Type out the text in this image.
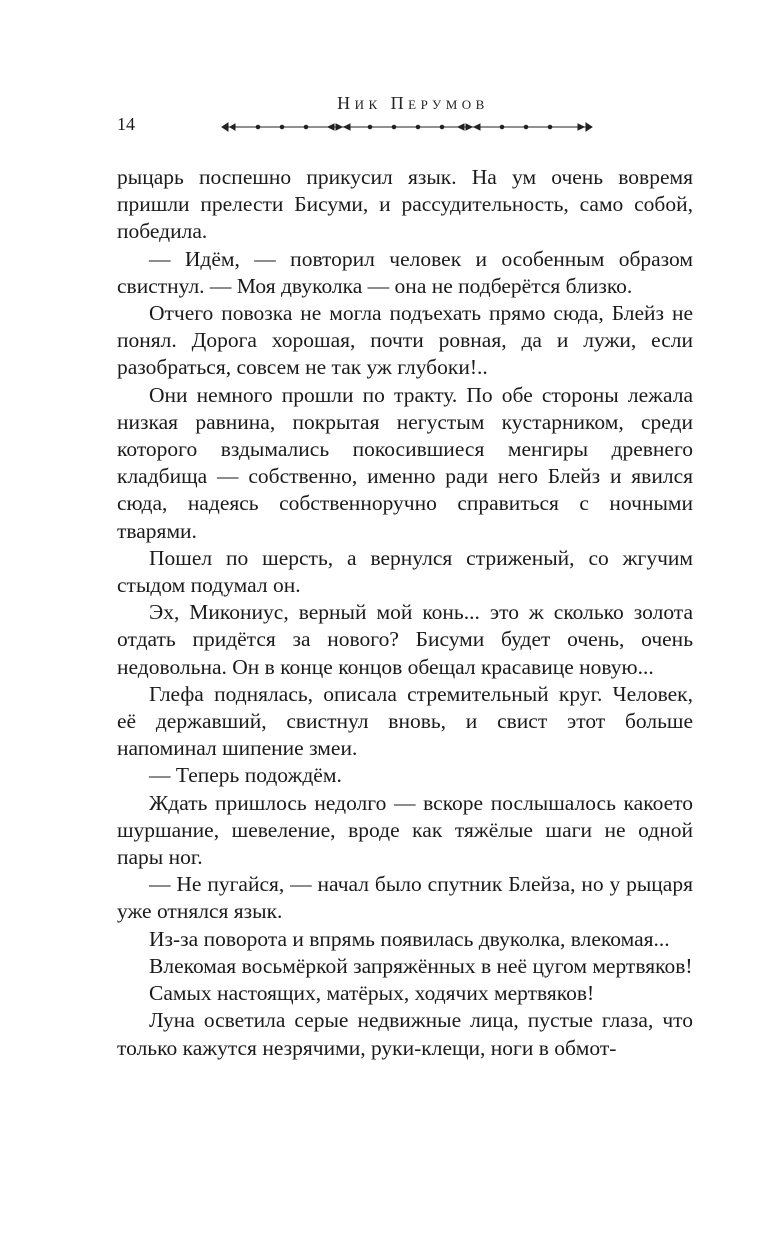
14
Ник Перумов

рыцарь поспешно прикусил язык. На ум очень вовремя пришли прелести Бисуми, и рассудительность, само собой, победила.

— Идём, — повторил человек и особенным образом свистнул. — Моя двуколка — она не подберётся близко.

Отчего повозка не могла подъехать прямо сюда, Блейз не понял. Дорога хорошая, почти ровная, да и лужи, если разобраться, совсем не так уж глубоки!..

Они немного прошли по тракту. По обе стороны лежала низкая равнина, покрытая негустым кустарником, среди которого вздымались покосившиеся менгиры древнего кладбища — собственно, именно ради него Блейз и явился сюда, надеясь собственноручно справиться с ночными тварями.

Пошел по шерсть, а вернулся стриженый, со жгучим стыдом подумал он.

Эх, Микониус, верный мой конь... это ж сколько золота отдать придётся за нового? Бисуми будет очень, очень недовольна. Он в конце концов обещал красавице новую...

Глефа поднялась, описала стремительный круг. Человек, её державший, свистнул вновь, и свист этот больше напоминал шипение змеи.

— Теперь подождём.

Ждать пришлось недолго — вскоре послышалось какоето шуршание, шевеление, вроде как тяжёлые шаги не одной пары ног.

— Не пугайся, — начал было спутник Блейза, но у рыцаря уже отнялся язык.

Из-за поворота и впрямь появилась двуколка, влекомая...

Влекомая восьмёркой запряжённых в неё цугом мертвяков!

Самых настоящих, матёрых, ходячих мертвяков!

Луна осветила серые недвижные лица, пустые глаза, что только кажутся незрячими, руки-клещи, ноги в обмот-
